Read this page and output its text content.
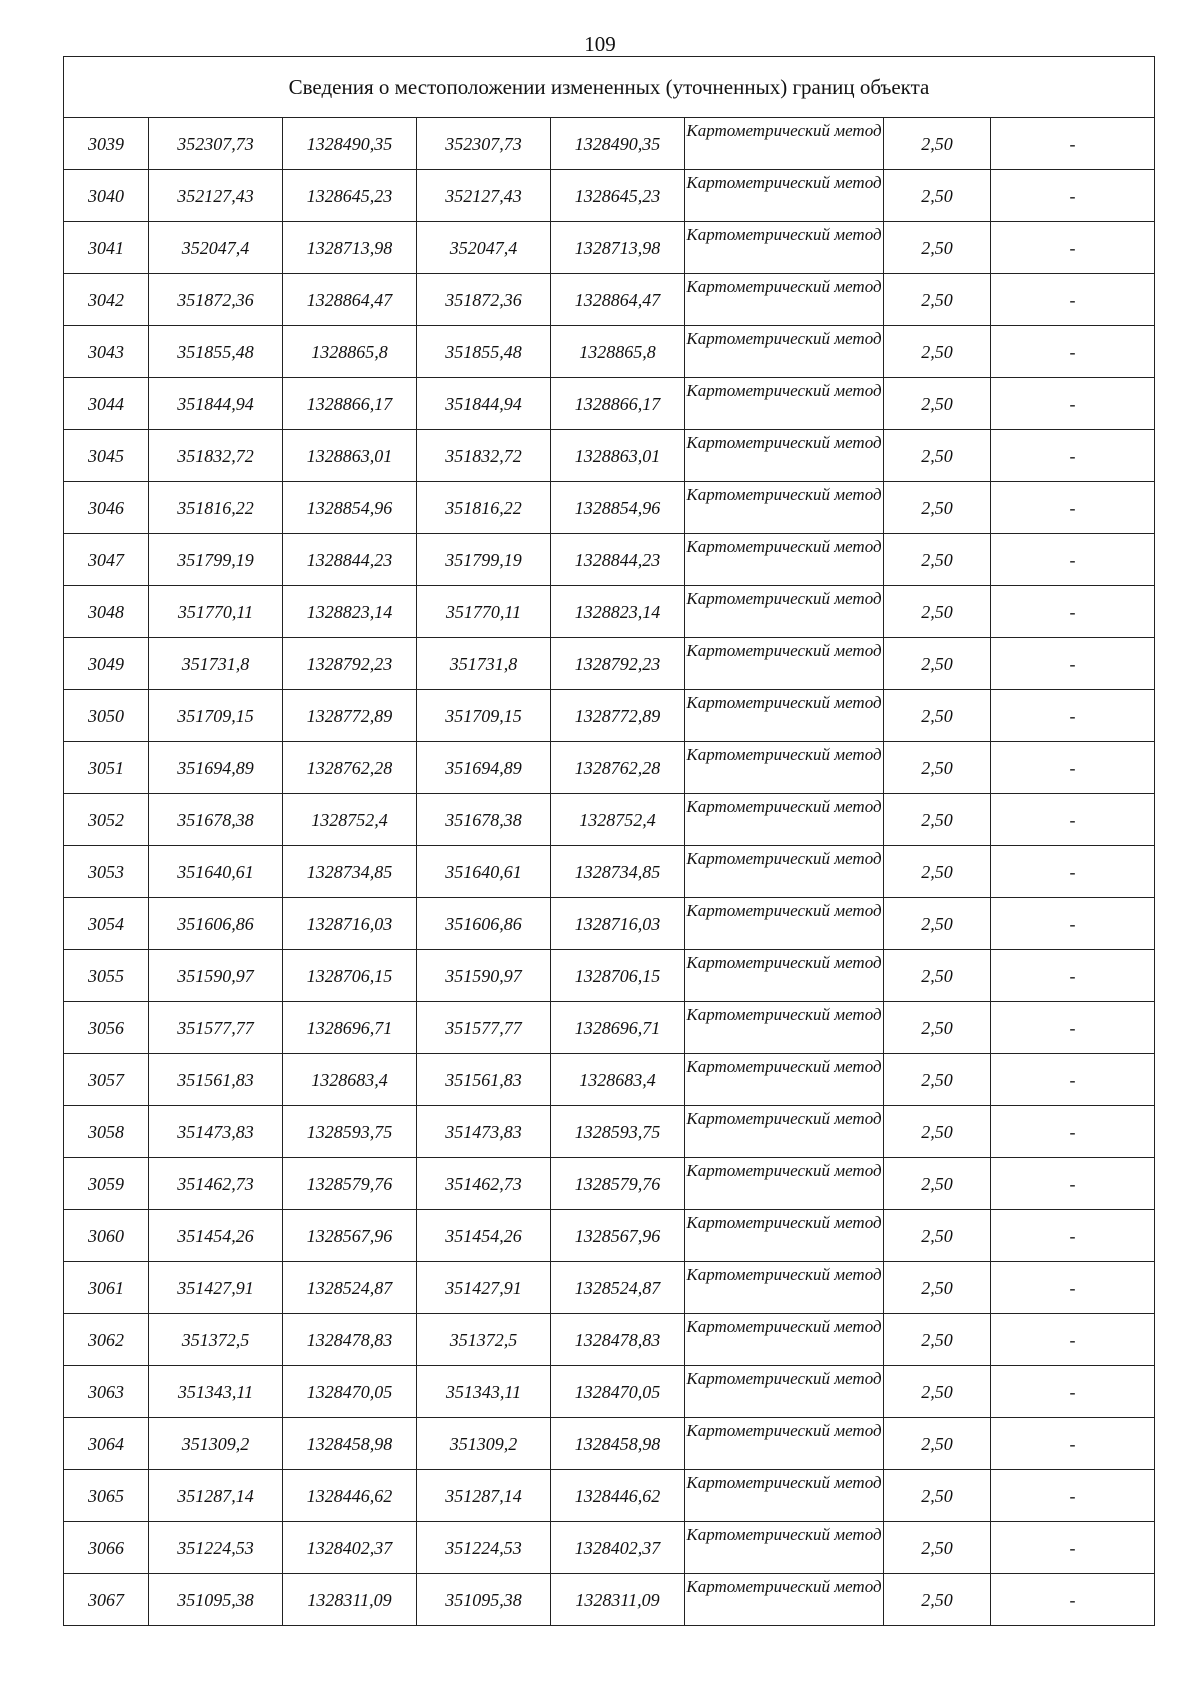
109
Сведения о местоположении измененных (уточненных) границ объекта							
3039	352307,73	1328490,35	352307,73	1328490,35	Картометрический метод	2,50	-
3040	352127,43	1328645,23	352127,43	1328645,23	Картометрический метод	2,50	-
3041	352047,4	1328713,98	352047,4	1328713,98	Картометрический метод	2,50	-
3042	351872,36	1328864,47	351872,36	1328864,47	Картометрический метод	2,50	-
3043	351855,48	1328865,8	351855,48	1328865,8	Картометрический метод	2,50	-
3044	351844,94	1328866,17	351844,94	1328866,17	Картометрический метод	2,50	-
3045	351832,72	1328863,01	351832,72	1328863,01	Картометрический метод	2,50	-
3046	351816,22	1328854,96	351816,22	1328854,96	Картометрический метод	2,50	-
3047	351799,19	1328844,23	351799,19	1328844,23	Картометрический метод	2,50	-
3048	351770,11	1328823,14	351770,11	1328823,14	Картометрический метод	2,50	-
3049	351731,8	1328792,23	351731,8	1328792,23	Картометрический метод	2,50	-
3050	351709,15	1328772,89	351709,15	1328772,89	Картометрический метод	2,50	-
3051	351694,89	1328762,28	351694,89	1328762,28	Картометрический метод	2,50	-
3052	351678,38	1328752,4	351678,38	1328752,4	Картометрический метод	2,50	-
3053	351640,61	1328734,85	351640,61	1328734,85	Картометрический метод	2,50	-
3054	351606,86	1328716,03	351606,86	1328716,03	Картометрический метод	2,50	-
3055	351590,97	1328706,15	351590,97	1328706,15	Картометрический метод	2,50	-
3056	351577,77	1328696,71	351577,77	1328696,71	Картометрический метод	2,50	-
3057	351561,83	1328683,4	351561,83	1328683,4	Картометрический метод	2,50	-
3058	351473,83	1328593,75	351473,83	1328593,75	Картометрический метод	2,50	-
3059	351462,73	1328579,76	351462,73	1328579,76	Картометрический метод	2,50	-
3060	351454,26	1328567,96	351454,26	1328567,96	Картометрический метод	2,50	-
3061	351427,91	1328524,87	351427,91	1328524,87	Картометрический метод	2,50	-
3062	351372,5	1328478,83	351372,5	1328478,83	Картометрический метод	2,50	-
3063	351343,11	1328470,05	351343,11	1328470,05	Картометрический метод	2,50	-
3064	351309,2	1328458,98	351309,2	1328458,98	Картометрический метод	2,50	-
3065	351287,14	1328446,62	351287,14	1328446,62	Картометрический метод	2,50	-
3066	351224,53	1328402,37	351224,53	1328402,37	Картометрический метод	2,50	-
3067	351095,38	1328311,09	351095,38	1328311,09	Картометрический метод	2,50	-
